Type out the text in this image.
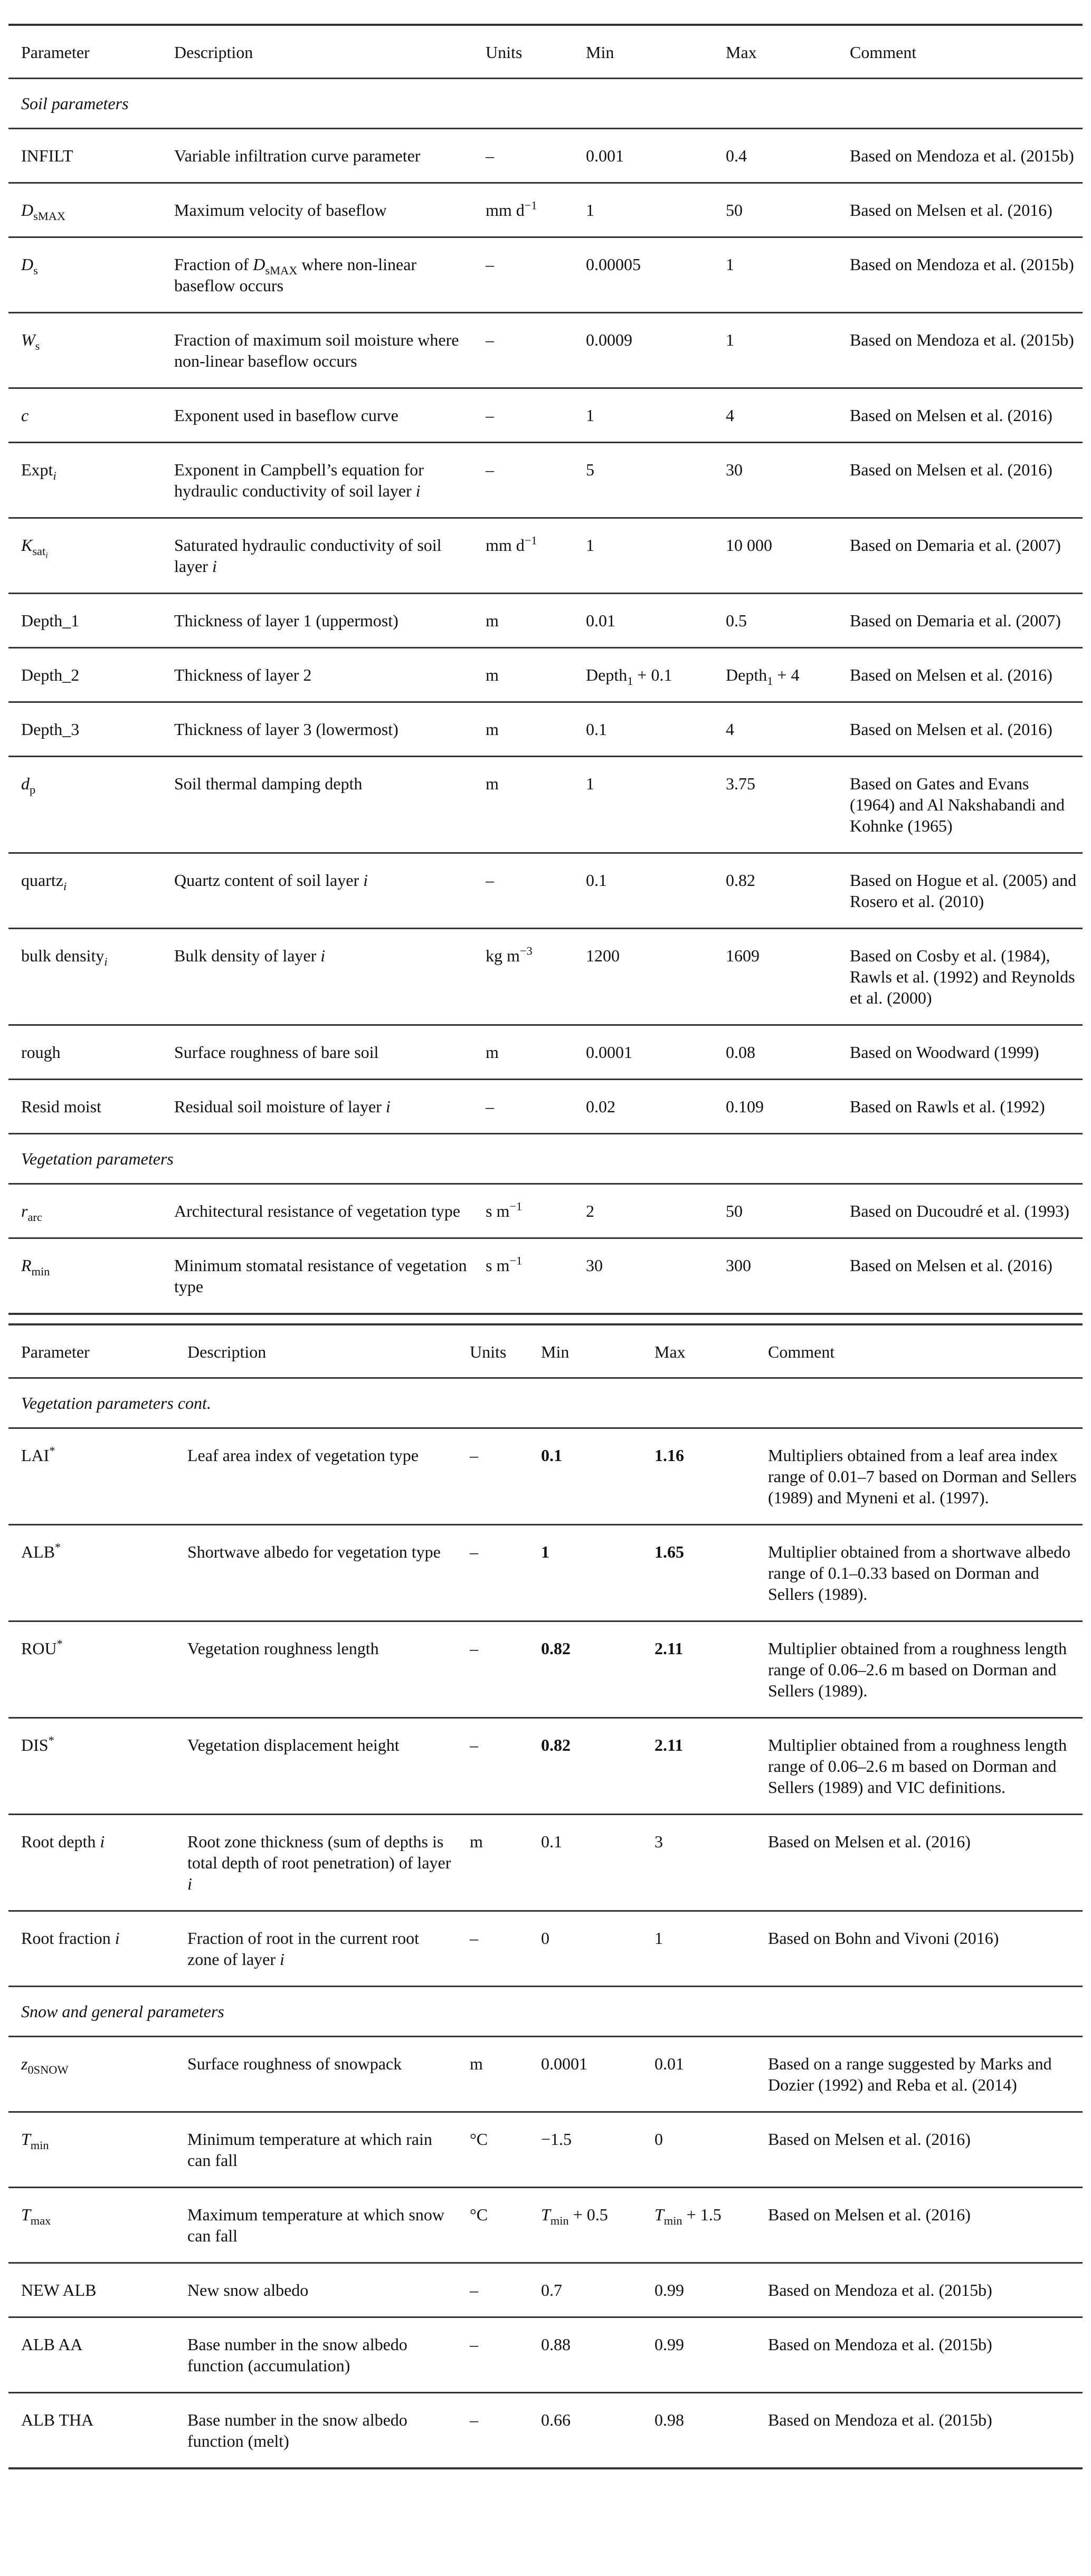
Parameter	Description	Units	Min	Max	Comment
Soil parameters					
INFILT	Variable infiltration curve parameter	–	0.001	0.4	Based on Mendoza et al. (2015b)
$D_{sMAX}$	Maximum velocity of baseflow	mm $d^{-1}$	1	50	Based on Melsen et al. (2016)
$D_s$	Fraction of $D_{sMAX}$ where non-linear baseflow occurs	–	0.00005	1	Based on Mendoza et al. (2015b)
$W_s$	Fraction of maximum soil moisture where non-linear baseflow occurs	–	0.0009	1	Based on Mendoza et al. (2015b)
c	Exponent used in baseflow curve	–	1	4	Based on Melsen et al. (2016)
Expt$_i$	Exponent in Campbell’s equation for hydraulic conductivity of soil layer i	–	5	30	Based on Melsen et al. (2016)
$K_{sat_i}$	Saturated hydraulic conductivity of soil layer i	mm $d^{-1}$	1	10 000	Based on Demaria et al. (2007)
Depth_1	Thickness of layer 1 (uppermost)	m	0.01	0.5	Based on Demaria et al. (2007)
Depth_2	Thickness of layer 2	m	Depth$_1$ + 0.1	Depth$_1$ + 4	Based on Melsen et al. (2016)
Depth_3	Thickness of layer 3 (lowermost)	m	0.1	4	Based on Melsen et al. (2016)
$d_p$	Soil thermal damping depth	m	1	3.75	Based on Gates and Evans (1964) and Al Nakshabandi and Kohnke (1965)
quartz$_i$	Quartz content of soil layer i	–	0.1	0.82	Based on Hogue et al. (2005) and Rosero et al. (2010)
bulk density$_i$	Bulk density of layer i	kg $m^{-3}$	1200	1609	Based on Cosby et al. (1984), Rawls et al. (1992) and Reynolds et al. (2000)
rough	Surface roughness of bare soil	m	0.0001	0.08	Based on Woodward (1999)
Resid moist	Residual soil moisture of layer i	–	0.02	0.109	Based on Rawls et al. (1992)
Vegetation parameters					
$r_{arc}$	Architectural resistance of vegetation type	s $m^{-1}$	2	50	Based on Ducoudré et al. (1993)
$R_{min}$	Minimum stomatal resistance of vegetation type	s $m^{-1}$	30	300	Based on Melsen et al. (2016)
Parameter	Description	Units	Min	Max	Comment
Vegetation parameters cont.					
LAI*	Leaf area index of vegetation type	–	0.1	1.16	Multipliers obtained from a leaf area index range of 0.01–7 based on Dorman and Sellers (1989) and Myneni et al. (1997).
ALB*	Shortwave albedo for vegetation type	–	1	1.65	Multiplier obtained from a shortwave albedo range of 0.1–0.33 based on Dorman and Sellers (1989).
ROU*	Vegetation roughness length	–	0.82	2.11	Multiplier obtained from a roughness length range of 0.06–2.6 m based on Dorman and Sellers (1989).
DIS*	Vegetation displacement height	–	0.82	2.11	Multiplier obtained from a roughness length range of 0.06–2.6 m based on Dorman and Sellers (1989) and VIC definitions.
Root depth i	Root zone thickness (sum of depths is total depth of root penetration) of layer i	m	0.1	3	Based on Melsen et al. (2016)
Root fraction i	Fraction of root in the current root zone of layer i	–	0	1	Based on Bohn and Vivoni (2016)
Snow and general parameters					
$z_{0SNOW}$	Surface roughness of snowpack	m	0.0001	0.01	Based on a range suggested by Marks and Dozier (1992) and Reba et al. (2014)
$T_{min}$	Minimum temperature at which rain can fall	°C	−1.5	0	Based on Melsen et al. (2016)
$T_{max}$	Maximum temperature at which snow can fall	°C	$T_{min} + 0.5$	$T_{min} + 1.5$	Based on Melsen et al. (2016)
NEW ALB	New snow albedo	–	0.7	0.99	Based on Mendoza et al. (2015b)
ALB AA	Base number in the snow albedo function (accumulation)	–	0.88	0.99	Based on Mendoza et al. (2015b)
ALB THA	Base number in the snow albedo function (melt)	–	0.66	0.98	Based on Mendoza et al. (2015b)
